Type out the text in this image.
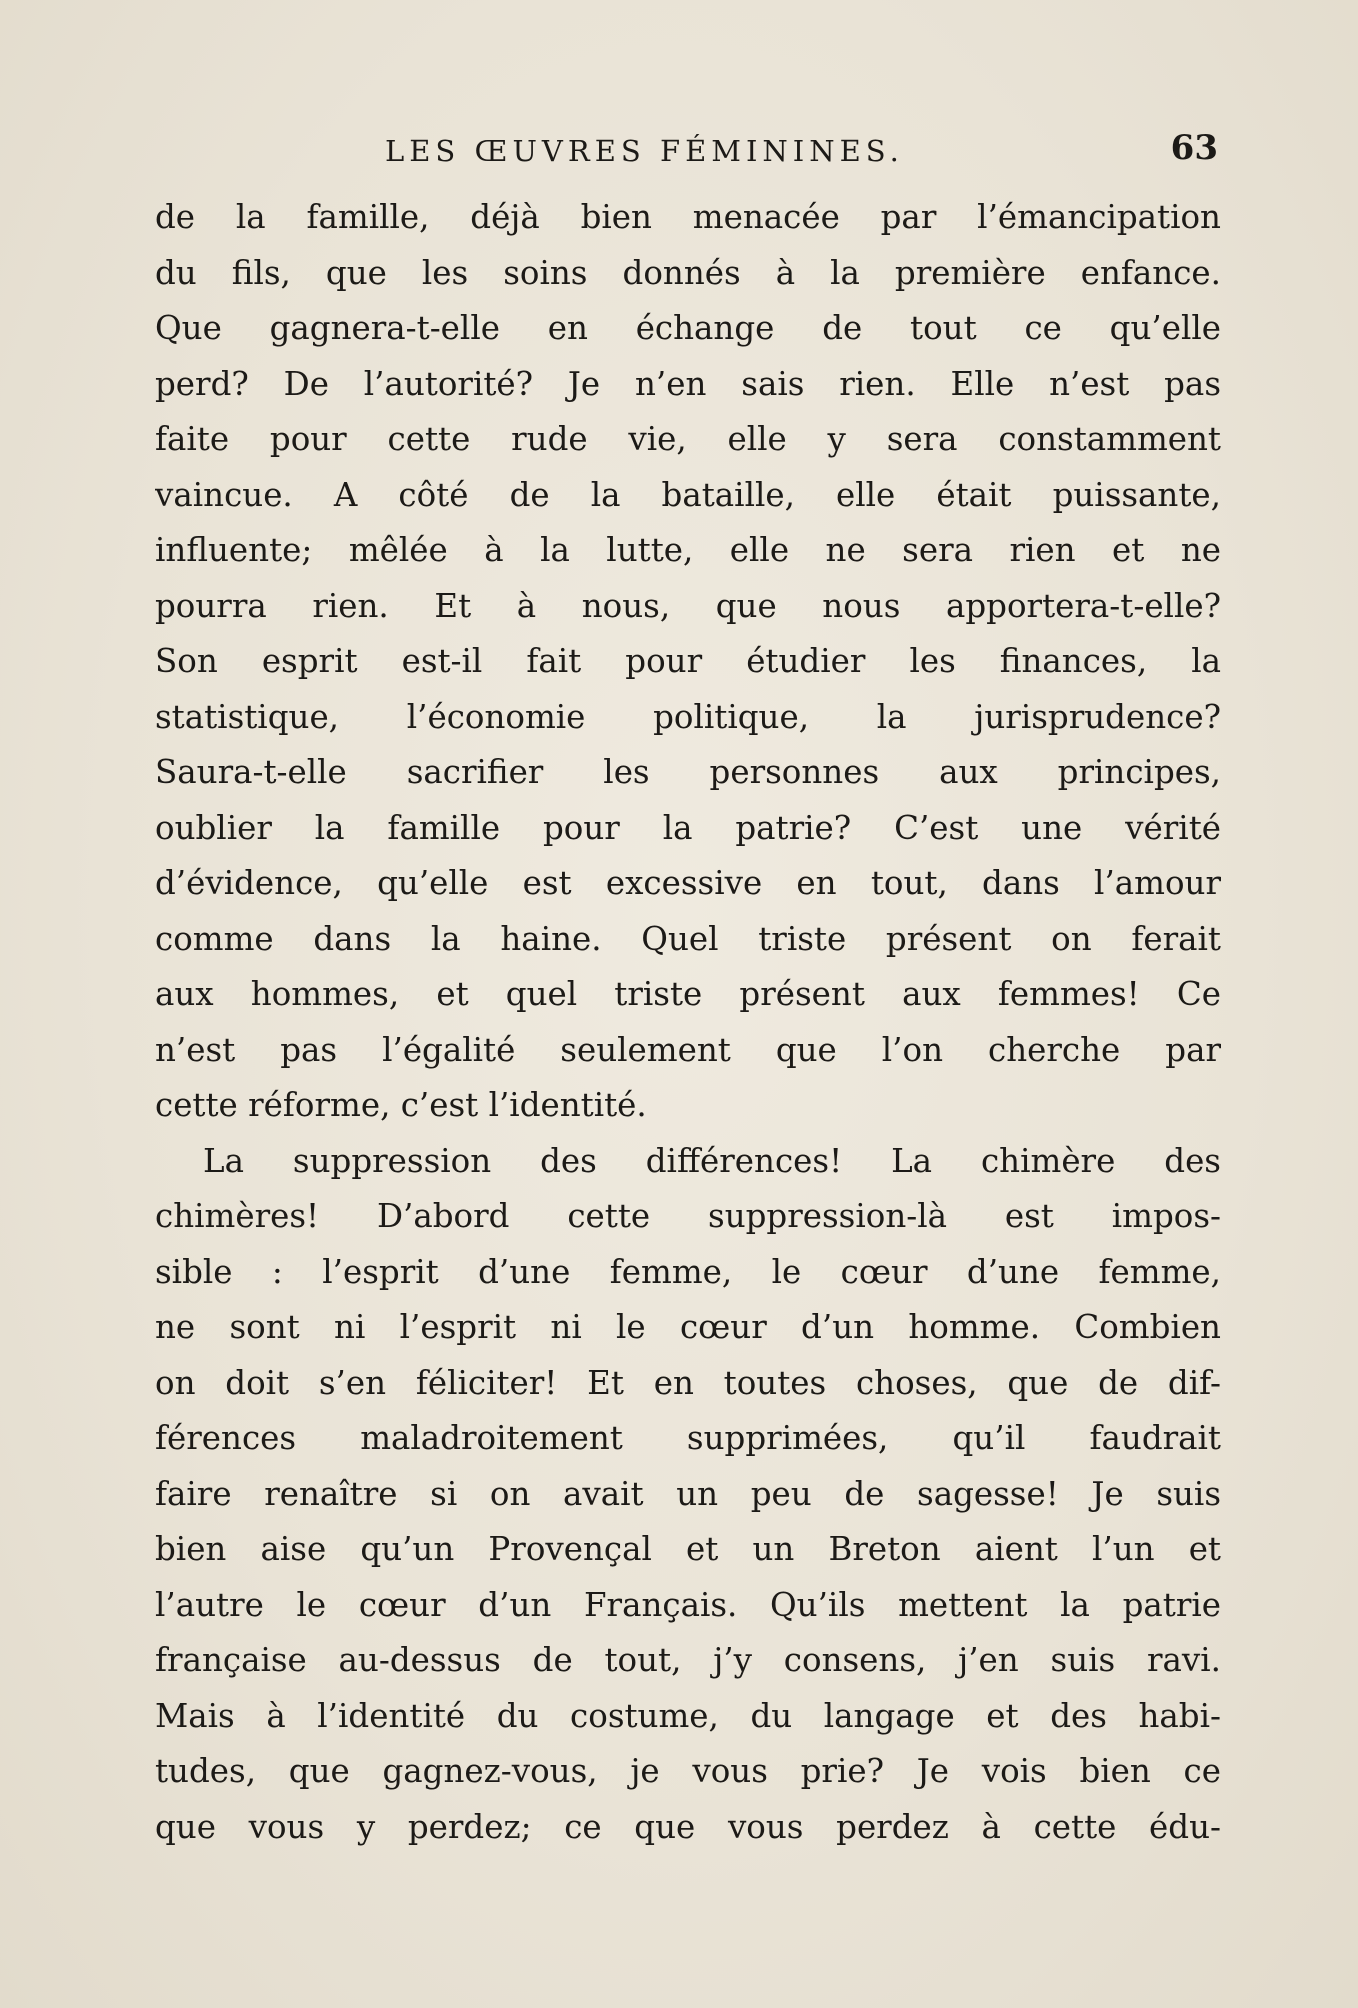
LES ŒUVRES FÉMININES.	63
de la famille, déjà bien menacée par l’émancipation
du fils, que les soins donnés à la première enfance.
Que gagnera-t-elle en échange de tout ce qu’elle
perd? De l’autorité? Je n’en sais rien. Elle n’est pas
faite pour cette rude vie, elle y sera constamment
vaincue. A côté de la bataille, elle était puissante,
influente; mêlée à la lutte, elle ne sera rien et ne
pourra rien. Et à nous, que nous apportera-t-elle?
Son esprit est-il fait pour étudier les finances, la
statistique, l’économie politique, la jurisprudence?
Saura-t-elle sacrifier les personnes aux principes,
oublier la famille pour la patrie? C’est une vérité
d’évidence, qu’elle est excessive en tout, dans l’amour
comme dans la haine. Quel triste présent on ferait
aux hommes, et quel triste présent aux femmes! Ce
n’est pas l’égalité seulement que l’on cherche par
cette réforme, c’est l’identité.
La suppression des différences! La chimère des
chimères! D’abord cette suppression-là est impos-
sible : l’esprit d’une femme, le cœur d’une femme,
ne sont ni l’esprit ni le cœur d’un homme. Combien
on doit s’en féliciter! Et en toutes choses, que de dif-
férences maladroitement supprimées, qu’il faudrait
faire renaître si on avait un peu de sagesse! Je suis
bien aise qu’un Provençal et un Breton aient l’un et
l’autre le cœur d’un Français. Qu’ils mettent la patrie
française au-dessus de tout, j’y consens, j’en suis ravi.
Mais à l’identité du costume, du langage et des habi-
tudes, que gagnez-vous, je vous prie? Je vois bien ce
que vous y perdez; ce que vous perdez à cette édu-
